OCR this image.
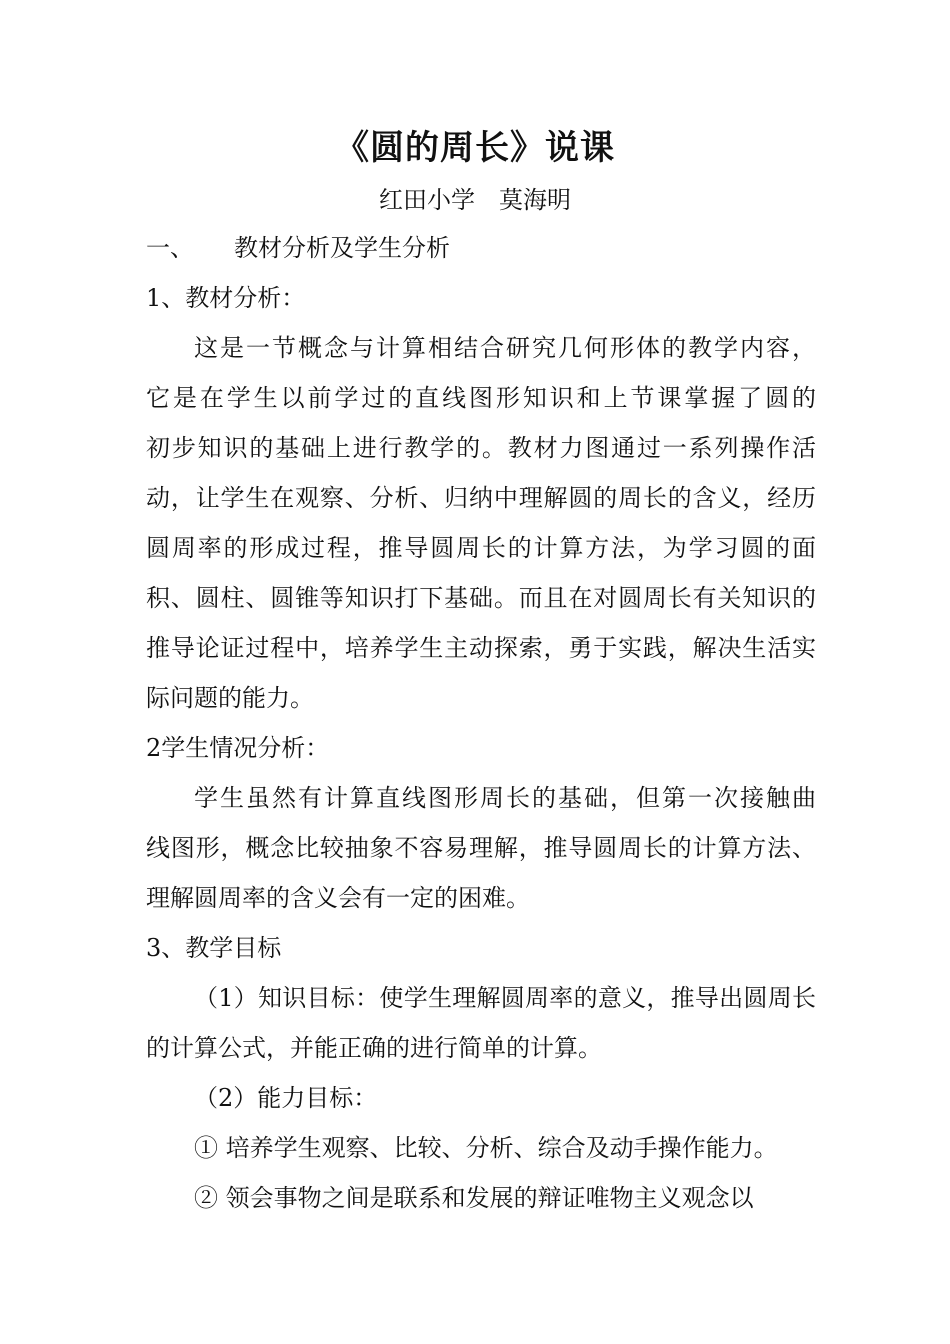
《圆的周长》说课
红田小学　莫海明
一、 教材分析及学生分析
1、教材分析：
这是一节概念与计算相结合研究几何形体的教学内容，
它是在学生以前学过的直线图形知识和上节课掌握了圆的
初步知识的基础上进行教学的。教材力图通过一系列操作活
动，让学生在观察、分析、归纳中理解圆的周长的含义，经历
圆周率的形成过程，推导圆周长的计算方法，为学习圆的面
积、圆柱、圆锥等知识打下基础。而且在对圆周长有关知识的
推导论证过程中，培养学生主动探索，勇于实践，解决生活实
际问题的能力。
2学生情况分析：
学生虽然有计算直线图形周长的基础，但第一次接触曲
线图形，概念比较抽象不容易理解，推导圆周长的计算方法、
理解圆周率的含义会有一定的困难。
3、教学目标
（1）知识目标：使学生理解圆周率的意义，推导出圆周长
的计算公式，并能正确的进行简单的计算。
（2）能力目标：
① 培养学生观察、比较、分析、综合及动手操作能力。
② 领会事物之间是联系和发展的辩证唯物主义观念以
